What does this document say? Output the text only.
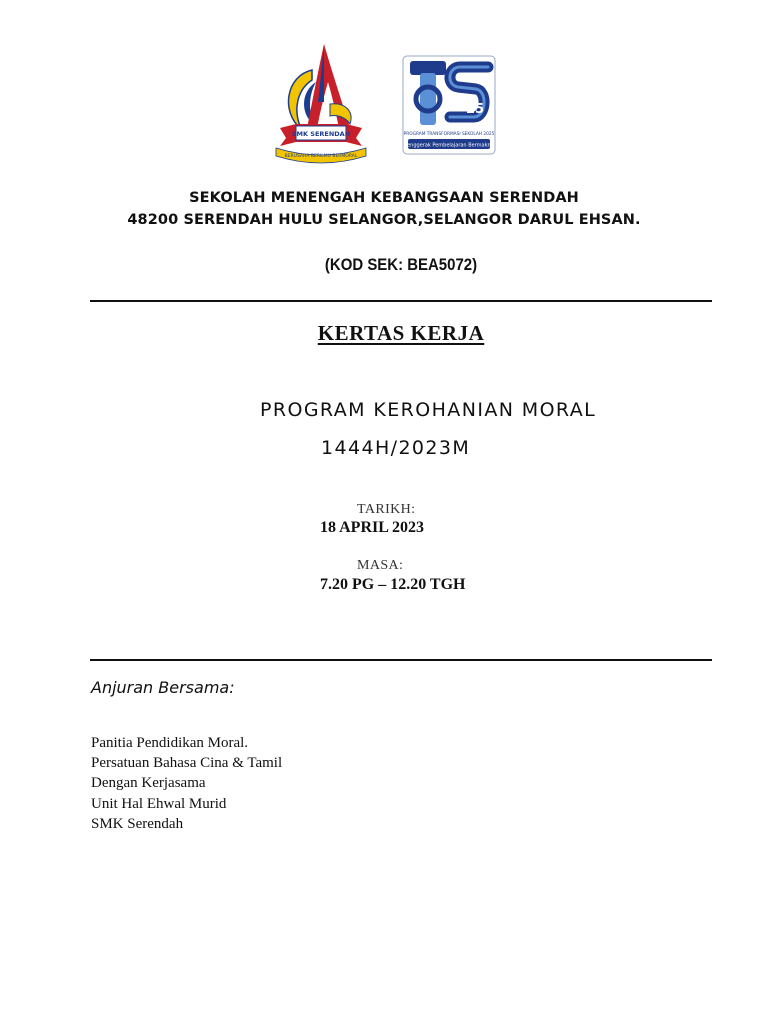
SMK SERENDAH
BERUSAHA BERILMU BERMORAL
25
PROGRAM TRANSFORMASI SEKOLAH 2025
Penggerak Pembelajaran Bermakna
SEKOLAH MENENGAH KEBANGSAAN SERENDAH
48200 SERENDAH HULU SELANGOR,SELANGOR DARUL EHSAN.
(KOD SEK: BEA5072)
KERTAS KERJA
PROGRAM KEROHANIAN MORAL
1444H/2023M
TARIKH:
18 APRIL 2023
MASA:
7.20 PG – 12.20 TGH
Anjuran Bersama:
Panitia Pendidikan Moral.
Persatuan Bahasa Cina & Tamil
Dengan Kerjasama
Unit Hal Ehwal Murid
SMK Serendah
